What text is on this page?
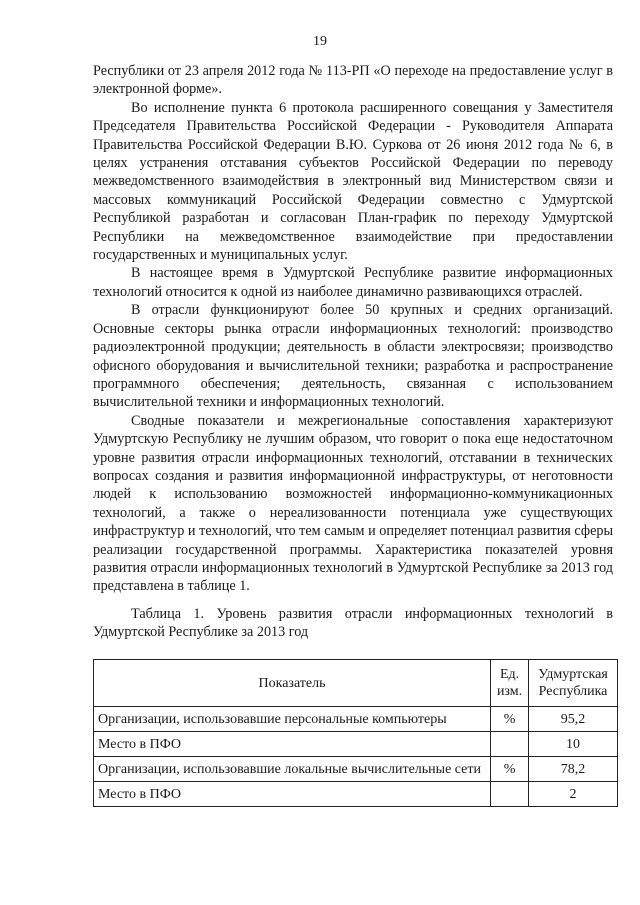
19

Республики от 23 апреля 2012 года № 113-РП «О переходе на предоставление услуг в электронной форме».

Во исполнение пункта 6 протокола расширенного совещания у Заместителя Председателя Правительства Российской Федерации - Руководителя Аппарата Правительства Российской Федерации В.Ю. Суркова от 26 июня 2012 года № 6, в целях устранения отставания субъектов Российской Федерации по переводу межведомственного взаимодействия в электронный вид Министерством связи и массовых коммуникаций Российской Федерации совместно с Удмуртской Республикой разработан и согласован План-график по переходу Удмуртской Республики на межведомственное взаимодействие при предоставлении государственных и муниципальных услуг.

В настоящее время в Удмуртской Республике развитие информационных технологий относится к одной из наиболее динамично развивающихся отраслей.

В отрасли функционируют более 50 крупных и средних организаций. Основные секторы рынка отрасли информационных технологий: производство радиоэлектронной продукции; деятельность в области электросвязи; производство офисного оборудования и вычислительной техники; разработка и распространение программного обеспечения; деятельность, связанная с использованием вычислительной техники и информационных технологий.

Сводные показатели и межрегиональные сопоставления характеризуют Удмуртскую Республику не лучшим образом, что говорит о пока еще недостаточном уровне развития отрасли информационных технологий, отставании в технических вопросах создания и развития информационной инфраструктуры, от неготовности людей к использованию возможностей информационно-коммуникационных технологий, а также о нереализованности потенциала уже существующих инфраструктур и технологий, что тем самым и определяет потенциал развития сферы реализации государственной программы. Характеристика показателей уровня развития отрасли информационных технологий в Удмуртской Республике за 2013 год представлена в таблице 1.

Таблица 1. Уровень развития отрасли информационных технологий в Удмуртской Республике за 2013 год

Показатель	Ед. изм.	Удмуртская Республика
Организации, использовавшие персональные компьютеры	%	95,2
Место в ПФО		10
Организации, использовавшие локальные вычислительные сети	%	78,2
Место в ПФО		2
